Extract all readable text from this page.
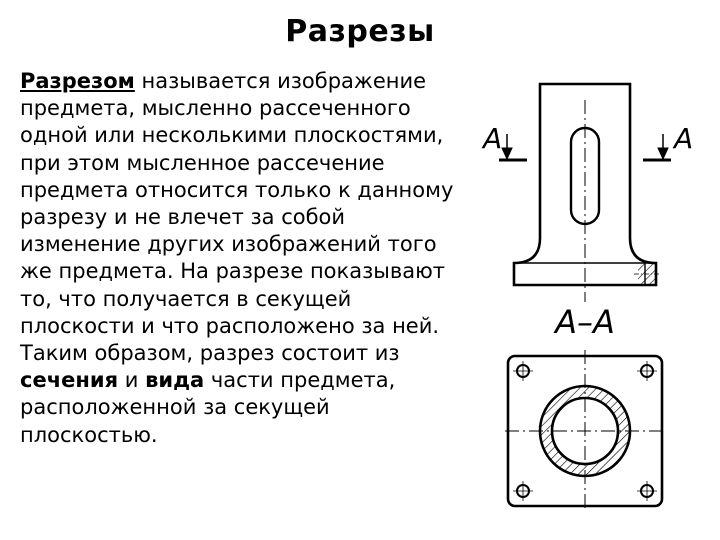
Разрезы

Разрезом называется изображение предмета, мысленно рассеченного одной или несколькими плоскостями, при этом мысленное рассечение предмета относится только к данному разрезу и не влечет за собой изменение других изображений того же предмета. На разрезе показывают то, что получается в секущей плоскости и что расположено за ней. Таким образом, разрез состоит из сечения и вида части предмета, расположенной за секущей плоскостью.

A	A
A–A
